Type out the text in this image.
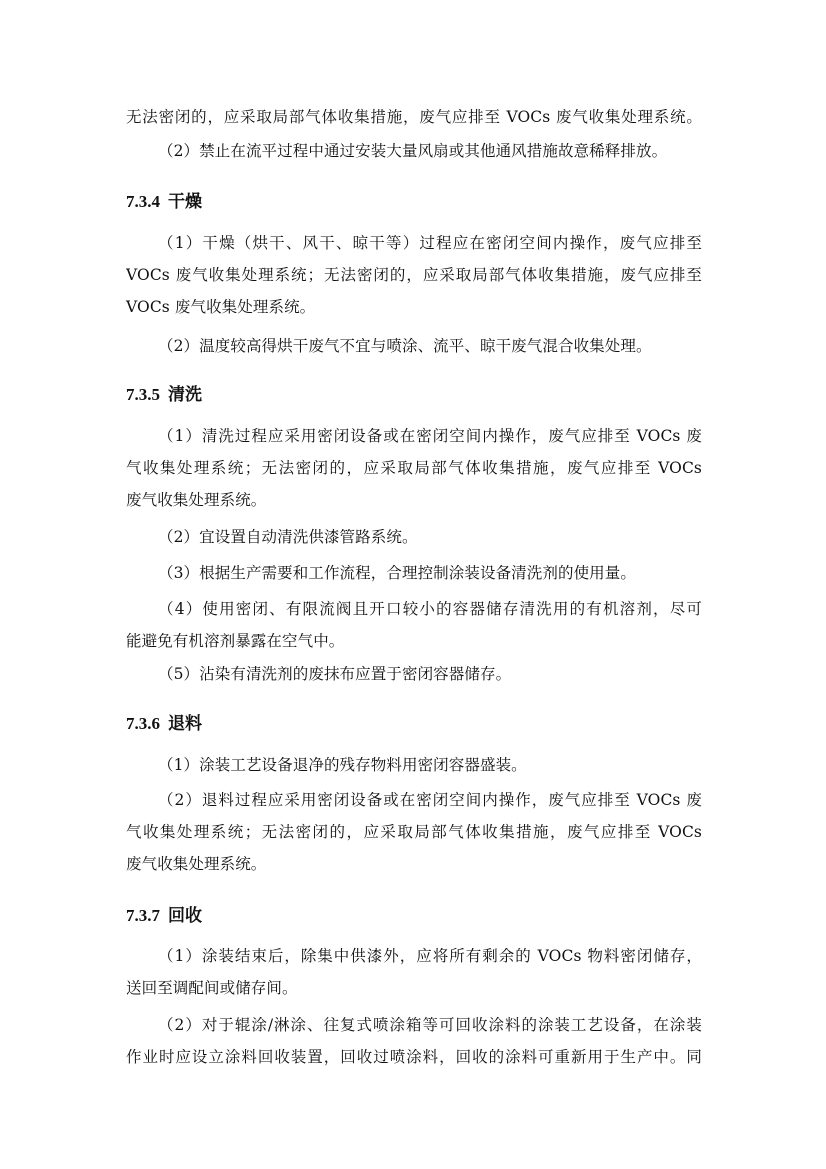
无法密闭的，应采取局部气体收集措施，废气应排至 VOCs 废气收集处理系统。
（2）禁止在流平过程中通过安装大量风扇或其他通风措施故意稀释排放。
7.3.4 干燥
（1）干燥（烘干、风干、晾干等）过程应在密闭空间内操作，废气应排至
VOCs 废气收集处理系统；无法密闭的，应采取局部气体收集措施，废气应排至
VOCs 废气收集处理系统。
（2）温度较高得烘干废气不宜与喷涂、流平、晾干废气混合收集处理。
7.3.5 清洗
（1）清洗过程应采用密闭设备或在密闭空间内操作，废气应排至 VOCs 废
气收集处理系统；无法密闭的，应采取局部气体收集措施，废气应排至 VOCs
废气收集处理系统。
（2）宜设置自动清洗供漆管路系统。
（3）根据生产需要和工作流程，合理控制涂装设备清洗剂的使用量。
（4）使用密闭、有限流阀且开口较小的容器储存清洗用的有机溶剂，尽可
能避免有机溶剂暴露在空气中。
（5）沾染有清洗剂的废抹布应置于密闭容器储存。
7.3.6 退料
（1）涂装工艺设备退净的残存物料用密闭容器盛装。
（2）退料过程应采用密闭设备或在密闭空间内操作，废气应排至 VOCs 废
气收集处理系统；无法密闭的，应采取局部气体收集措施，废气应排至 VOCs
废气收集处理系统。
7.3.7 回收
（1）涂装结束后，除集中供漆外，应将所有剩余的 VOCs 物料密闭储存，
送回至调配间或储存间。
（2）对于辊涂/淋涂、往复式喷涂箱等可回收涂料的涂装工艺设备，在涂装
作业时应设立涂料回收装置，回收过喷涂料，回收的涂料可重新用于生产中。同
